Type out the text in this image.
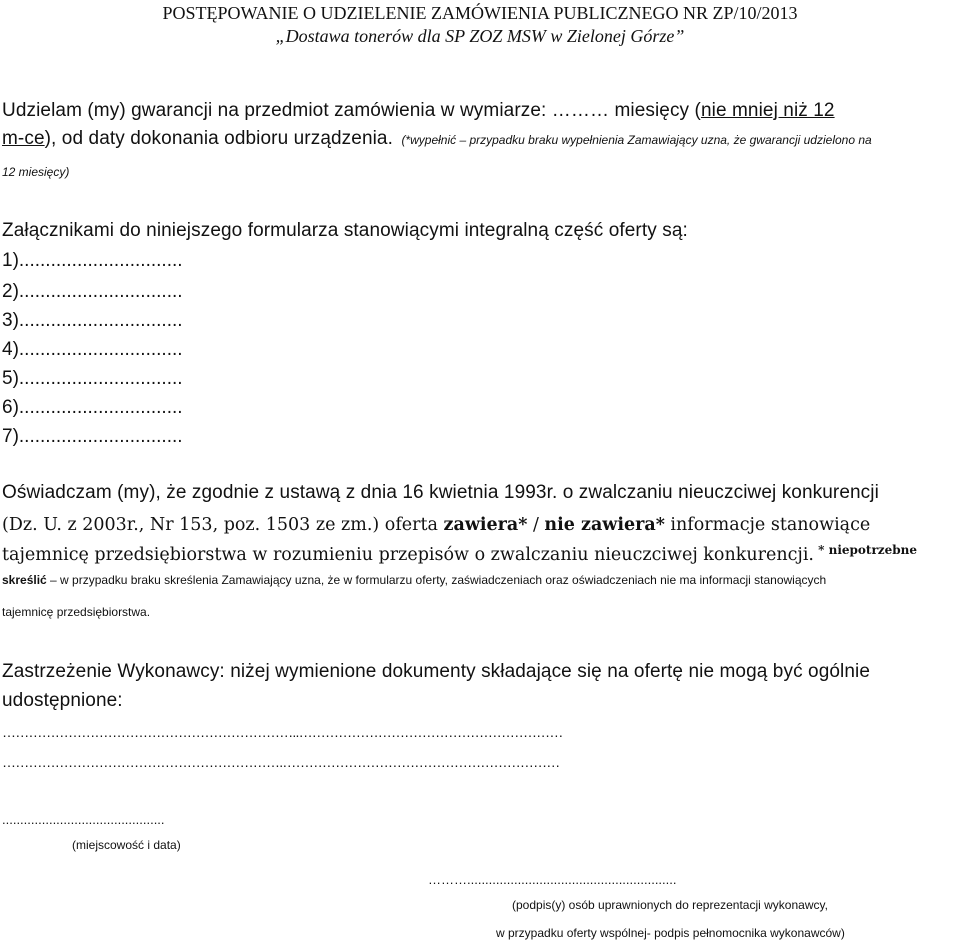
POSTĘPOWANIE O UDZIELENIE ZAMÓWIENIA PUBLICZNEGO NR ZP/10/2013
„Dostawa tonerów dla SP ZOZ MSW w Zielonej Górze”
Udzielam (my) gwarancji na przedmiot zamówienia w wymiarze: ……… miesięcy (nie mniej niż 12
m-ce), od daty dokonania odbioru urządzenia. (*wypełnić – przypadku braku wypełnienia Zamawiający uzna, że gwarancji udzielono na
12 miesięcy)
Załącznikami do niniejszego formularza stanowiącymi integralną część oferty są:
1)...............................
2)...............................
3)...............................
4)...............................
5)...............................
6)...............................
7)...............................
Oświadczam (my), że zgodnie z ustawą z dnia 16 kwietnia 1993r. o zwalczaniu nieuczciwej konkurencji
(Dz. U. z 2003r., Nr 153, poz. 1503 ze zm.) oferta zawiera* / nie zawiera* informacje stanowiące
tajemnicę przedsiębiorstwa w rozumieniu przepisów o zwalczaniu nieuczciwej konkurencji. $^{* niepotrzebne}$
skreślić – w przypadku braku skreślenia Zamawiający uzna, że w formularzu oferty, zaświadczeniach oraz oświadczeniach nie ma informacji stanowiących
tajemnicę przedsiębiorstwa.
Zastrzeżenie Wykonawcy: niżej wymienione dokumenty składające się na ofertę nie mogą być ogólnie
udostępnione:
…………………………………………………………..……………………………………………………
……………………………………………………….………………………………………………………
.............................................
(miejscowość i data)
………..........................................................
(podpis(y) osób uprawnionych do reprezentacji wykonawcy,
w przypadku oferty wspólnej- podpis pełnomocnika wykonawców)
